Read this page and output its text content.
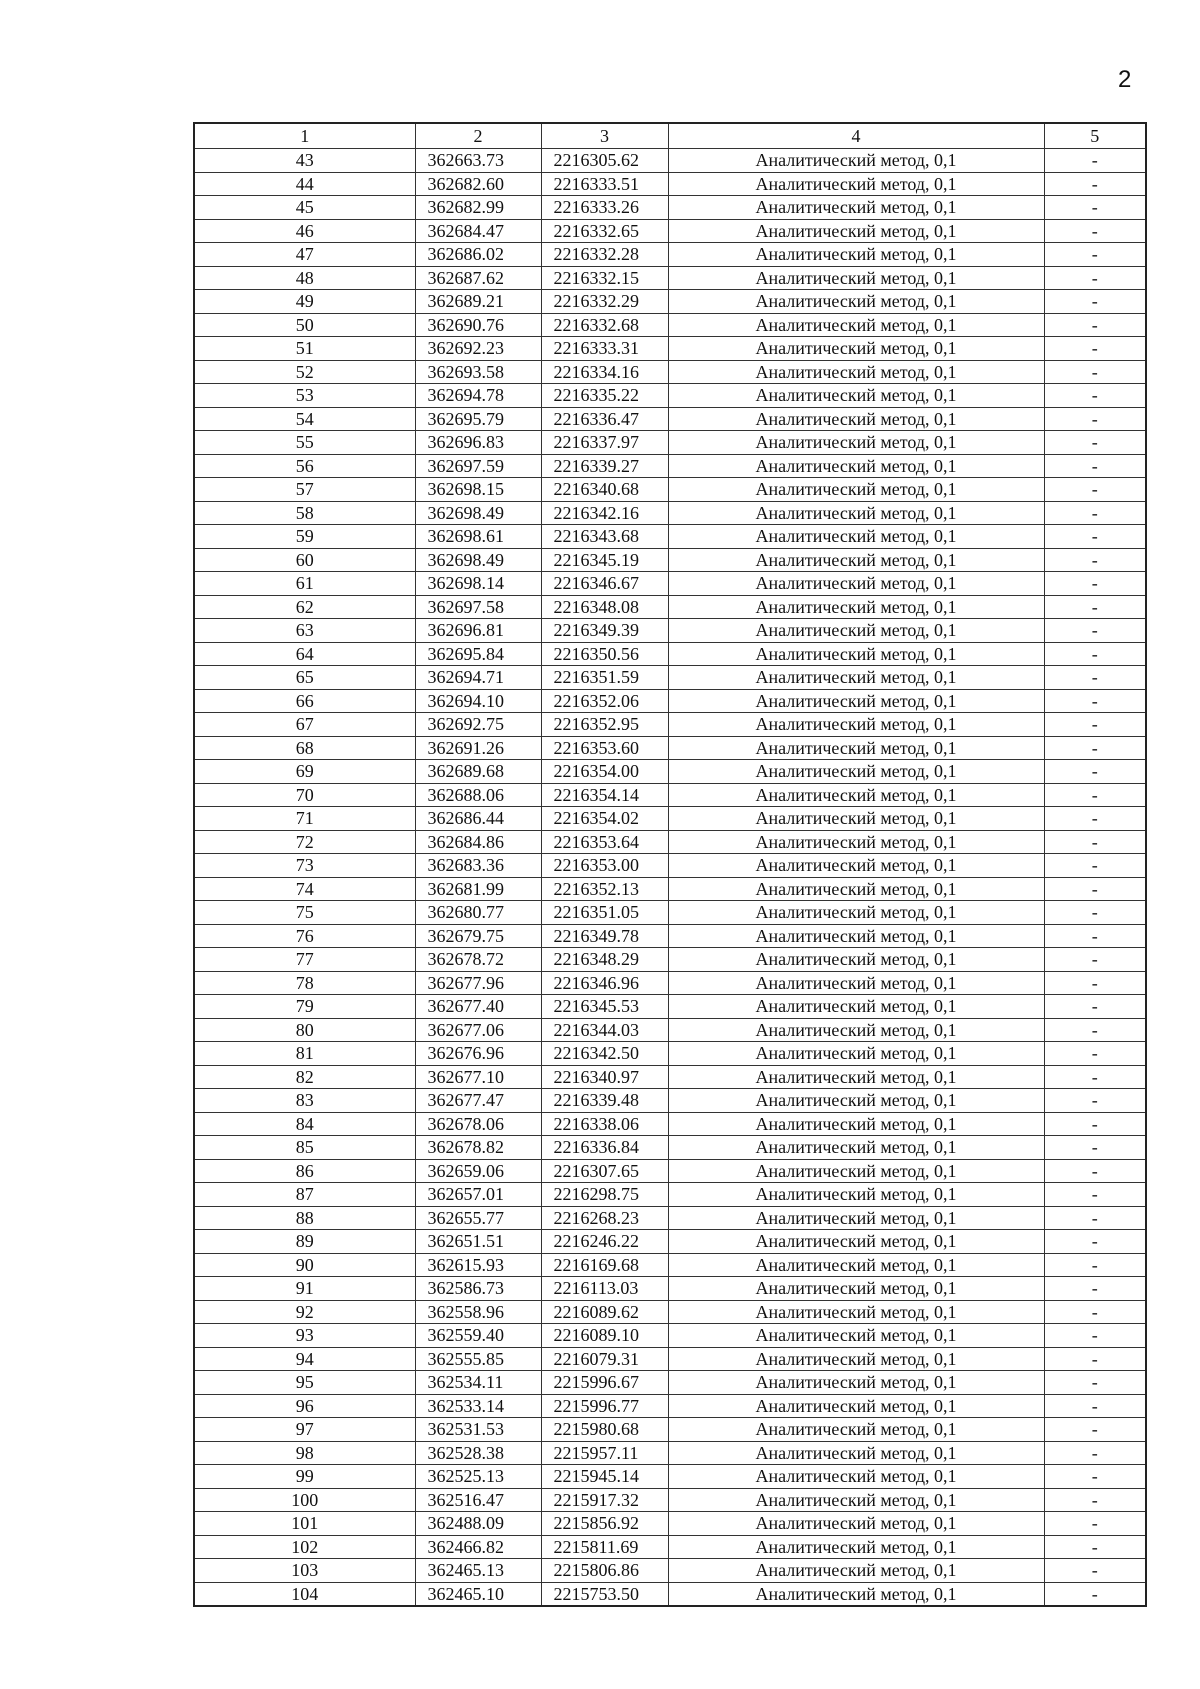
2
1	2	3	4	5
43	362663.73	2216305.62	Аналитический метод, 0,1	-
44	362682.60	2216333.51	Аналитический метод, 0,1	-
45	362682.99	2216333.26	Аналитический метод, 0,1	-
46	362684.47	2216332.65	Аналитический метод, 0,1	-
47	362686.02	2216332.28	Аналитический метод, 0,1	-
48	362687.62	2216332.15	Аналитический метод, 0,1	-
49	362689.21	2216332.29	Аналитический метод, 0,1	-
50	362690.76	2216332.68	Аналитический метод, 0,1	-
51	362692.23	2216333.31	Аналитический метод, 0,1	-
52	362693.58	2216334.16	Аналитический метод, 0,1	-
53	362694.78	2216335.22	Аналитический метод, 0,1	-
54	362695.79	2216336.47	Аналитический метод, 0,1	-
55	362696.83	2216337.97	Аналитический метод, 0,1	-
56	362697.59	2216339.27	Аналитический метод, 0,1	-
57	362698.15	2216340.68	Аналитический метод, 0,1	-
58	362698.49	2216342.16	Аналитический метод, 0,1	-
59	362698.61	2216343.68	Аналитический метод, 0,1	-
60	362698.49	2216345.19	Аналитический метод, 0,1	-
61	362698.14	2216346.67	Аналитический метод, 0,1	-
62	362697.58	2216348.08	Аналитический метод, 0,1	-
63	362696.81	2216349.39	Аналитический метод, 0,1	-
64	362695.84	2216350.56	Аналитический метод, 0,1	-
65	362694.71	2216351.59	Аналитический метод, 0,1	-
66	362694.10	2216352.06	Аналитический метод, 0,1	-
67	362692.75	2216352.95	Аналитический метод, 0,1	-
68	362691.26	2216353.60	Аналитический метод, 0,1	-
69	362689.68	2216354.00	Аналитический метод, 0,1	-
70	362688.06	2216354.14	Аналитический метод, 0,1	-
71	362686.44	2216354.02	Аналитический метод, 0,1	-
72	362684.86	2216353.64	Аналитический метод, 0,1	-
73	362683.36	2216353.00	Аналитический метод, 0,1	-
74	362681.99	2216352.13	Аналитический метод, 0,1	-
75	362680.77	2216351.05	Аналитический метод, 0,1	-
76	362679.75	2216349.78	Аналитический метод, 0,1	-
77	362678.72	2216348.29	Аналитический метод, 0,1	-
78	362677.96	2216346.96	Аналитический метод, 0,1	-
79	362677.40	2216345.53	Аналитический метод, 0,1	-
80	362677.06	2216344.03	Аналитический метод, 0,1	-
81	362676.96	2216342.50	Аналитический метод, 0,1	-
82	362677.10	2216340.97	Аналитический метод, 0,1	-
83	362677.47	2216339.48	Аналитический метод, 0,1	-
84	362678.06	2216338.06	Аналитический метод, 0,1	-
85	362678.82	2216336.84	Аналитический метод, 0,1	-
86	362659.06	2216307.65	Аналитический метод, 0,1	-
87	362657.01	2216298.75	Аналитический метод, 0,1	-
88	362655.77	2216268.23	Аналитический метод, 0,1	-
89	362651.51	2216246.22	Аналитический метод, 0,1	-
90	362615.93	2216169.68	Аналитический метод, 0,1	-
91	362586.73	2216113.03	Аналитический метод, 0,1	-
92	362558.96	2216089.62	Аналитический метод, 0,1	-
93	362559.40	2216089.10	Аналитический метод, 0,1	-
94	362555.85	2216079.31	Аналитический метод, 0,1	-
95	362534.11	2215996.67	Аналитический метод, 0,1	-
96	362533.14	2215996.77	Аналитический метод, 0,1	-
97	362531.53	2215980.68	Аналитический метод, 0,1	-
98	362528.38	2215957.11	Аналитический метод, 0,1	-
99	362525.13	2215945.14	Аналитический метод, 0,1	-
100	362516.47	2215917.32	Аналитический метод, 0,1	-
101	362488.09	2215856.92	Аналитический метод, 0,1	-
102	362466.82	2215811.69	Аналитический метод, 0,1	-
103	362465.13	2215806.86	Аналитический метод, 0,1	-
104	362465.10	2215753.50	Аналитический метод, 0,1	-
